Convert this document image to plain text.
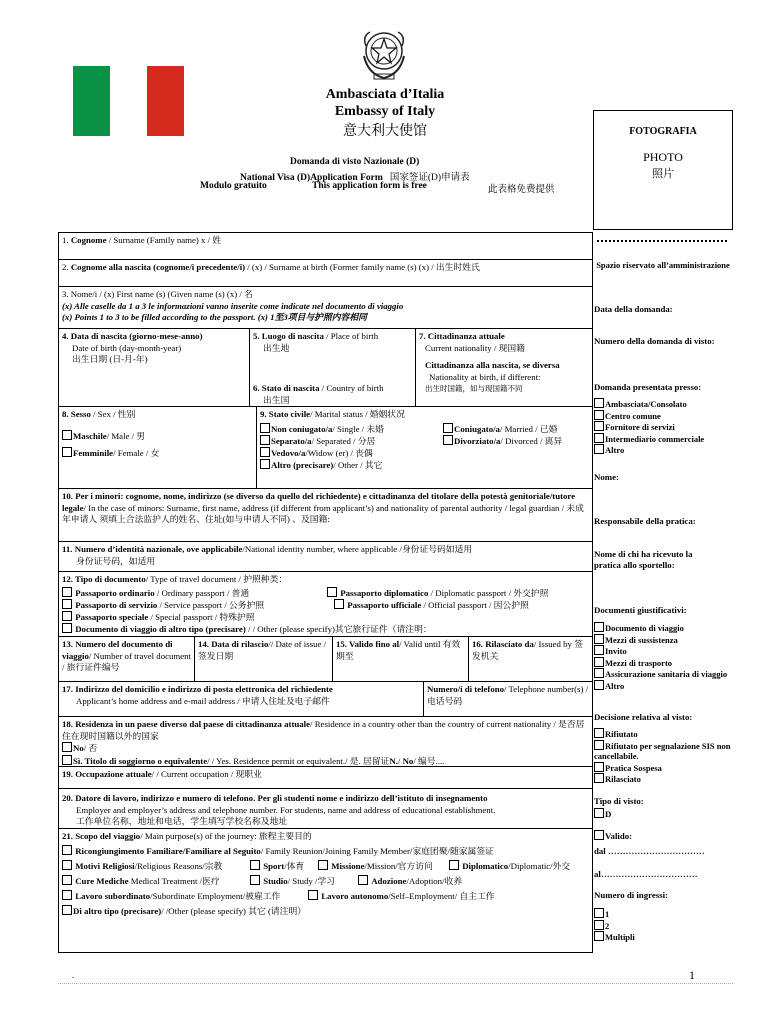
Ambasciata d’Italia
Embassy of Italy
意大利大使馆	FOTOGRAFIA
PHOTO
照片
Domanda di visto Nazionale (D)
National Visa (D)Application Form 国家签证(D)申请表
Modulo gratuito	This application form is free	此表格免费提供
1. Cognome / Surname (Family name) x / 姓
2. Cognome alla nascita (cognome/i precedente/i) / (x) / Surname at birth (Former family name (s) (x) / 出生时姓氏
3. Nome/i / (x) First name (s) (Given name (s) (x) / 名
(x) Alle caselle da 1 a 3 le informazioni vanno inserite come indicate nel documento di viaggio
(x) Points 1 to 3 to be filled according to the passport. (x) 1至3项目与护照内容相同
4. Data di nascita (giorno-mese-anno)
Date of birth (day-month-year)
出生日期 (日-月-年)
5. Luogo di nascita / Place of birth
出生地
6. Stato di nascita / Country of birth
出生国
7. Cittadinanza attuale
Current nationality / 现国籍
Cittadinanza alla nascita, se diversa
Nationality at birth, if different:
出生时国籍，如与现国籍不同
8. Sesso / Sex / 性别
Maschile/ Male / 男
Femminile/ Female / 女
9. Stato civile/ Marital status / 婚姻状况
Non coniugato/a/ Single / 未婚	Coniugato/a/ Married / 已婚
Separato/a/ Separated / 分居	Divorziato/a/ Divorced / 离异
Vedovo/a/Widow (er) / 丧偶
Altro (precisare)/ Other / 其它
10. Per i minori: cognome, nome, indirizzo (se diverso da quello del richiedente) e cittadinanza del titolare della potestà genitoriale/tutore legale/ In the case of minors: Surname, first name, address (if different from applicant’s) and nationality of parental authority / legal guardian / 未成年申请人 须填上合法监护人的姓名、住址(如与申请人不同) 、及国籍:
11. Numero d’identità nazionale, ove applicabile/National identity number, where applicable /身份证号码如适用
身份证号码，如适用
12. Tipo di documento/ Type of travel document / 护照种类：
Passaporto ordinario / Ordinary passport / 普通	Passaporto diplomatico / Diplomatic passport / 外交护照
Passaporto di servizio / Service passport / 公务护照	Passaporto ufficiale / Official passport / 因公护照
Passaporto speciale / Special passport / 特殊护照
Documento di viaggio di altro tipo (precisare) / / Other (please specify)其它旅行证件（请注明：
13. Numero del documento di viaggio/ Number of travel document / 旅行证件编号
14. Data di rilascio// Date of issue / 签发日期
15. Valido fino al/ Valid until 有效期至
16. Rilasciato da/ Issued by 签发机关
17. Indirizzo del domicilio e indirizzo di posta elettronica del richiedente
Applicant’s home address and e-mail address / 申请人住址及电子邮件
Numero/i di telefono/ Telephone number(s) / 电话号码
18. Residenza in un paese diverso dal paese di cittadinanza attuale/ Residence in a country other than the country of current nationality / 是否居住在现时国籍以外的国家
No/ 否
Sì. Titolo di soggiorno o equivalente/ / Yes. Residence permit or equivalent./ 是. 居留证N./ No/ 编号....
19. Occupazione attuale/ / Current occupation / 现职业
20. Datore di lavoro, indirizzo e numero di telefono. Per gli studenti nome e indirizzo dell’istituto di insegnamento
Employer and employer’s address and telephone number. For students, name and address of educational establishment.
工作单位名称，地址和电话，学生填写学校名称及地址
21. Scopo del viaggio/ Main purpose(s) of the journey: 旅程主要目的
Ricongiungimento Familiare/Familiare al Seguito/ Family Reunion/Joining Family Member/家庭团聚/随家属签证
Motivi Religiosi/Religious Reasons/宗教	Sport/体育	Missione/Mission/官方访问	Diplomatico/Diplomatic/外交
Cure Mediche Medical Treatment /医疗	Studio/ Study /学习	Adozione/Adoption/收养
Lavoro subordinato/Subordinate Employment/被雇工作	Lavoro autonomo/Self–Employment/ 自主工作
Di altro tipo (precisare)/ /Other (please specify) 其它 (请注明）
Spazio riservato all’amministrazione
Data della domanda:
Numero della domanda di visto:
Domanda presentata presso:
Ambasciata/Consolato
Centro comune
Fornitore di servizi
Intermediario commerciale
Altro
Nome:
Responsabile della pratica:
Nome di chi ha ricevuto la pratica allo sportello:
Documenti giustificativi:
Documento di viaggio
Mezzi di sussistenza
Invito
Mezzi di trasporto
Assicurazione sanitaria di viaggio
Altro
Decisione relativa al visto:
Rifiutato
Rifiutato per segnalazione SIS non cancellabile.
Pratica Sospesa
Rilasciato
Tipo di visto:
D
Valido:
dal ……………………………
al……………………………
Numero di ingressi:
1
2
Multipli
.	1
